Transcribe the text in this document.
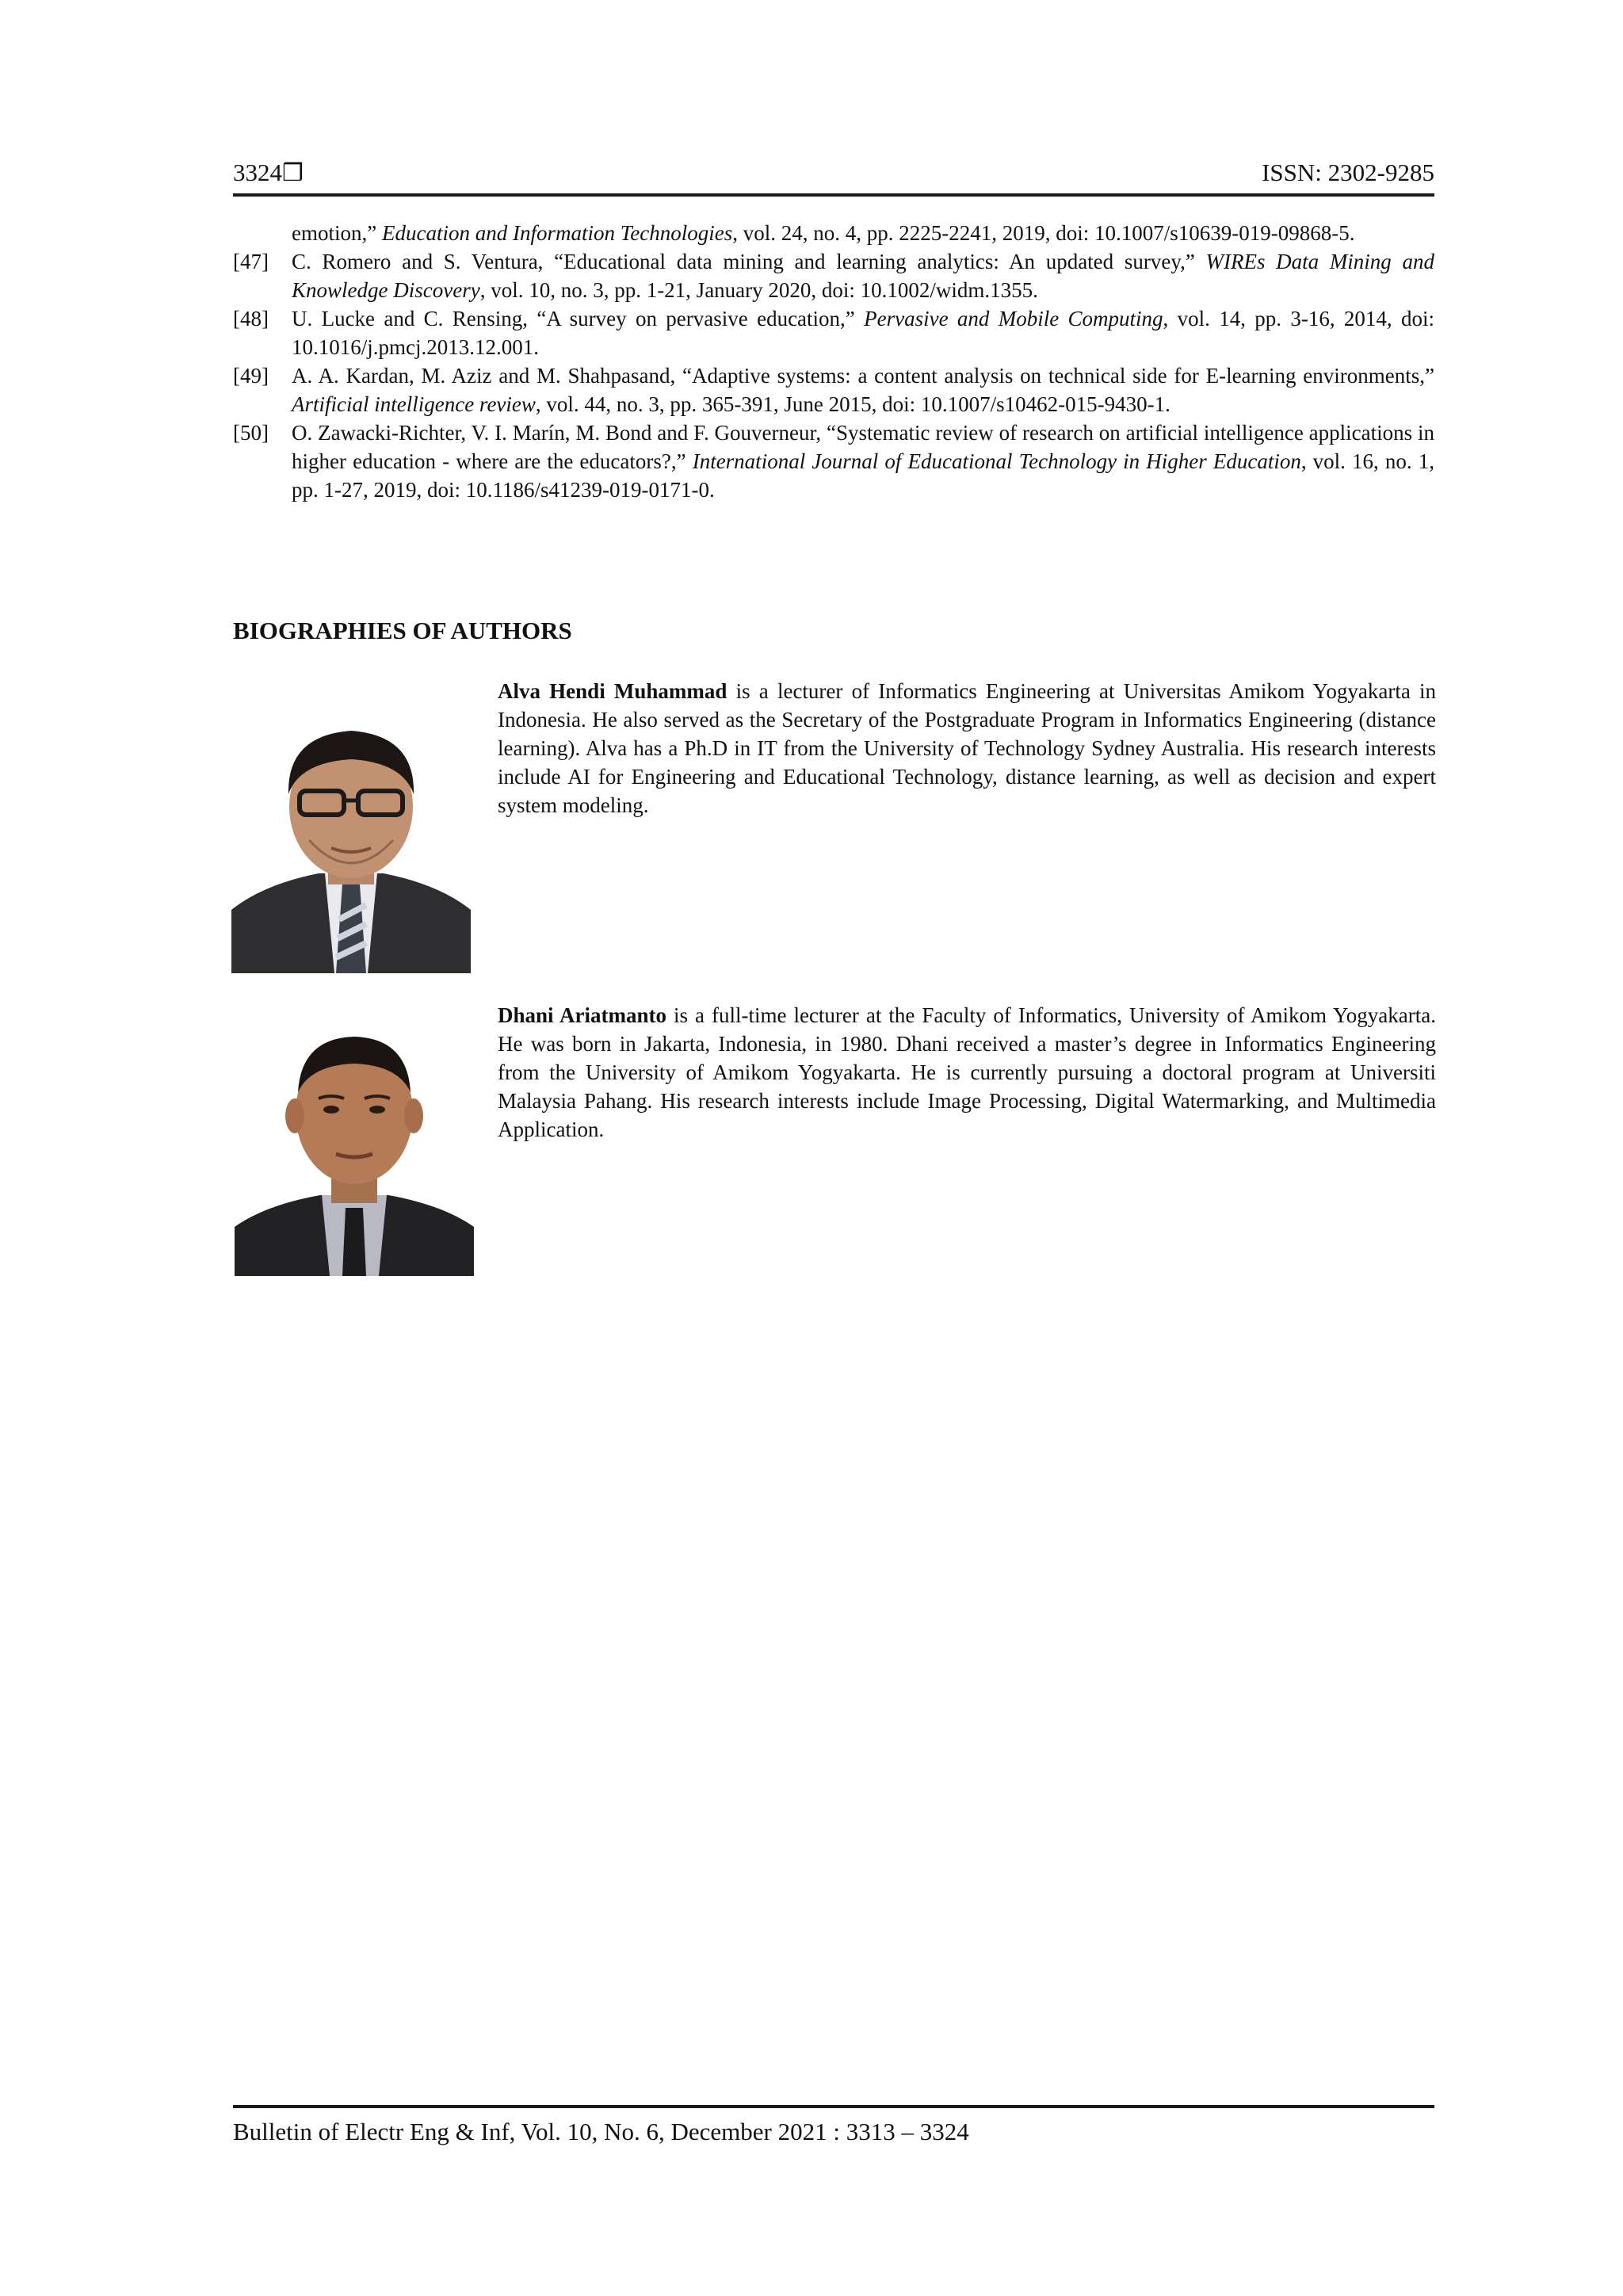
3324❒	ISSN: 2302-9285

emotion,” Education and Information Technologies, vol. 24, no. 4, pp. 2225-2241, 2019, doi: 10.1007/s10639-019-09868-5.

[47] C. Romero and S. Ventura, “Educational data mining and learning analytics: An updated survey,” WIREs Data Mining and Knowledge Discovery, vol. 10, no. 3, pp. 1-21, January 2020, doi: 10.1002/widm.1355.

[48] U. Lucke and C. Rensing, “A survey on pervasive education,” Pervasive and Mobile Computing, vol. 14, pp. 3-16, 2014, doi: 10.1016/j.pmcj.2013.12.001.

[49] A. A. Kardan, M. Aziz and M. Shahpasand, “Adaptive systems: a content analysis on technical side for E-learning environments,” Artificial intelligence review, vol. 44, no. 3, pp. 365-391, June 2015, doi: 10.1007/s10462-015-9430-1.

[50] O. Zawacki-Richter, V. I. Marín, M. Bond and F. Gouverneur, “Systematic review of research on artificial intelligence applications in higher education - where are the educators?,” International Journal of Educational Technology in Higher Education, vol. 16, no. 1, pp. 1-27, 2019, doi: 10.1186/s41239-019-0171-0.

BIOGRAPHIES OF AUTHORS

Alva Hendi Muhammad is a lecturer of Informatics Engineering at Universitas Amikom Yogyakarta in Indonesia. He also served as the Secretary of the Postgraduate Program in Informatics Engineering (distance learning). Alva has a Ph.D in IT from the University of Technology Sydney Australia. His research interests include AI for Engineering and Educational Technology, distance learning, as well as decision and expert system modeling.

Dhani Ariatmanto is a full-time lecturer at the Faculty of Informatics, University of Amikom Yogyakarta. He was born in Jakarta, Indonesia, in 1980. Dhani received a master’s degree in Informatics Engineering from the University of Amikom Yogyakarta. He is currently pursuing a doctoral program at Universiti Malaysia Pahang. His research interests include Image Processing, Digital Watermarking, and Multimedia Application.

Bulletin of Electr Eng & Inf, Vol. 10, No. 6, December 2021 : 3313 – 3324
